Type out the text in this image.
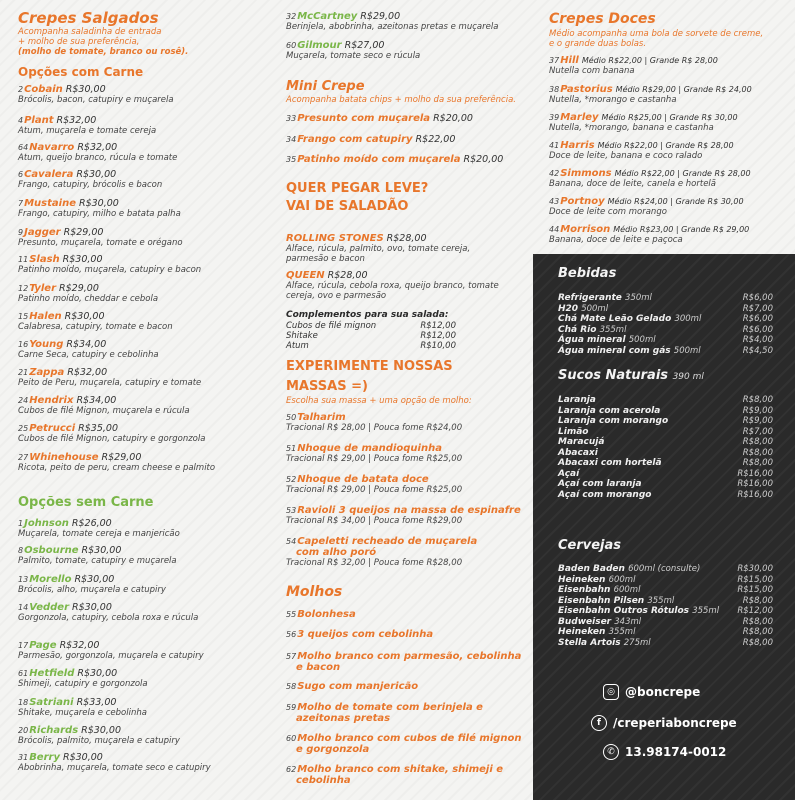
Crepes Salgados
Acompanha saladinha de entrada
+ molho de sua preferência,
(molho de tomate, branco ou rosê).
Opções com Carne
2Cobain R$30,00
Brócolis, bacon, catupiry e muçarela
4Plant R$32,00
Atum, muçarela e tomate cereja
64Navarro R$32,00
Atum, queijo branco, rúcula e tomate
6Cavalera R$30,00
Frango, catupiry, brócolis e bacon
7Mustaine R$30,00
Frango, catupiry, milho e batata palha
9Jagger R$29,00
Presunto, muçarela, tomate e orégano
11Slash R$30,00
Patinho moído, muçarela, catupiry e bacon
12Tyler R$29,00
Patinho moído, cheddar e cebola
15Halen R$30,00
Calabresa, catupiry, tomate e bacon
16Young R$34,00
Carne Seca, catupiry e cebolinha
21Zappa R$32,00
Peito de Peru, muçarela, catupiry e tomate
24Hendrix R$34,00
Cubos de filé Mignon, muçarela e rúcula
25Petrucci R$35,00
Cubos de filé Mignon, catupiry e gorgonzola
27Whinehouse R$29,00
Ricota, peito de peru, cream cheese e palmito
Opções sem Carne
1Johnson R$26,00
Muçarela, tomate cereja e manjericão
8Osbourne R$30,00
Palmito, tomate, catupiry e muçarela
13Morello R$30,00
Brócolis, alho, muçarela e catupiry
14Vedder R$30,00
Gorgonzola, catupiry, cebola roxa e rúcula
17Page R$32,00
Parmesão, gorgonzola, muçarela e catupiry
61Hetfield R$30,00
Shimeji, catupiry e gorgonzola
18Satriani R$33,00
Shitake, muçarela e cebolinha
20Richards R$30,00
Brócolis, palmito, muçarela e catupiry
31Berry R$30,00
Abobrinha, muçarela, tomate seco e catupiry
32McCartney R$29,00
Berinjela, abobrinha, azeitonas pretas e muçarela
60Gilmour R$27,00
Muçarela, tomate seco e rúcula
Mini Crepe
Acompanha batata chips + molho da sua preferência.
33Presunto com muçarela R$20,00
34Frango com catupiry R$22,00
35Patinho moído com muçarela R$20,00
QUER PEGAR LEVE?
VAI DE SALADÃO
ROLLING STONES R$28,00
Alface, rúcula, palmito, ovo, tomate cereja,
parmesão e bacon
QUEEN R$28,00
Alface, rúcula, cebola roxa, queijo branco, tomate
cereja, ovo e parmesão
Complementos para sua salada:
Cubos de filé mignon	R$12,00
Shitake	R$12,00
Atum	R$10,00
EXPERIMENTE NOSSAS
MASSAS =)
Escolha sua massa + uma opção de molho:
50Talharim
Tracional R$ 28,00 | Pouca fome R$24,00
51Nhoque de mandioquinha
Tracional R$ 29,00 | Pouca fome R$25,00
52Nhoque de batata doce
Tracional R$ 29,00 | Pouca fome R$25,00
53Ravioli 3 queijos na massa de espinafre
Tracional R$ 34,00 | Pouca fome R$29,00
54Capeletti recheado de muçarela
com alho poró
Tracional R$ 32,00 | Pouca fome R$28,00
Molhos
55Bolonhesa
563 queijos com cebolinha
57Molho branco com parmesão, cebolinha
e bacon
58Sugo com manjericão
59Molho de tomate com berinjela e
azeitonas pretas
60Molho branco com cubos de filé mignon
e gorgonzola
62Molho branco com shitake, shimeji e
cebolinha
Crepes Doces
Médio acompanha uma bola de sorvete de creme,
e o grande duas bolas.
37Hill Médio R$22,00 | Grande R$ 28,00
Nutella com banana
38Pastorius Médio R$29,00 | Grande R$ 24,00
Nutella, *morango e castanha
39Marley Médio R$25,00 | Grande R$ 30,00
Nutella, *morango, banana e castanha
41Harris Médio R$22,00 | Grande R$ 28,00
Doce de leite, banana e coco ralado
42Simmons Médio R$22,00 | Grande R$ 28,00
Banana, doce de leite, canela e hortelã
43Portnoy Médio R$24,00 | Grande R$ 30,00
Doce de leite com morango
44Morrison Médio R$23,00 | Grande R$ 29,00
Banana, doce de leite e paçoca
Bebidas
Refrigerante 350ml	R$6,00
H20 500ml	R$7,00
Chá Mate Leão Gelado 300ml	R$6,00
Chá Rio 355ml	R$6,00
Água mineral 500ml	R$4,00
Água mineral com gás 500ml	R$4,50
Sucos Naturais 390 ml
Laranja	R$8,00
Laranja com acerola	R$9,00
Laranja com morango	R$9,00
Limão	R$7,00
Maracujá	R$8,00
Abacaxi	R$8,00
Abacaxi com hortelã	R$8,00
Açaí	R$16,00
Açaí com laranja	R$16,00
Açaí com morango	R$16,00
Cervejas
Baden Baden 600ml (consulte)	R$30,00
Heineken 600ml	R$15,00
Eisenbahn 600ml	R$15,00
Eisenbahn Pilsen 355ml	R$8,00
Eisenbahn Outros Rótulos 355ml R$12,00
Budweiser 343ml	R$8,00
Heineken 355ml	R$8,00
Stella Artois 275ml	R$8,00
◎ @boncrepe
f	/creperiaboncrepe
✆ 13.98174-0012
